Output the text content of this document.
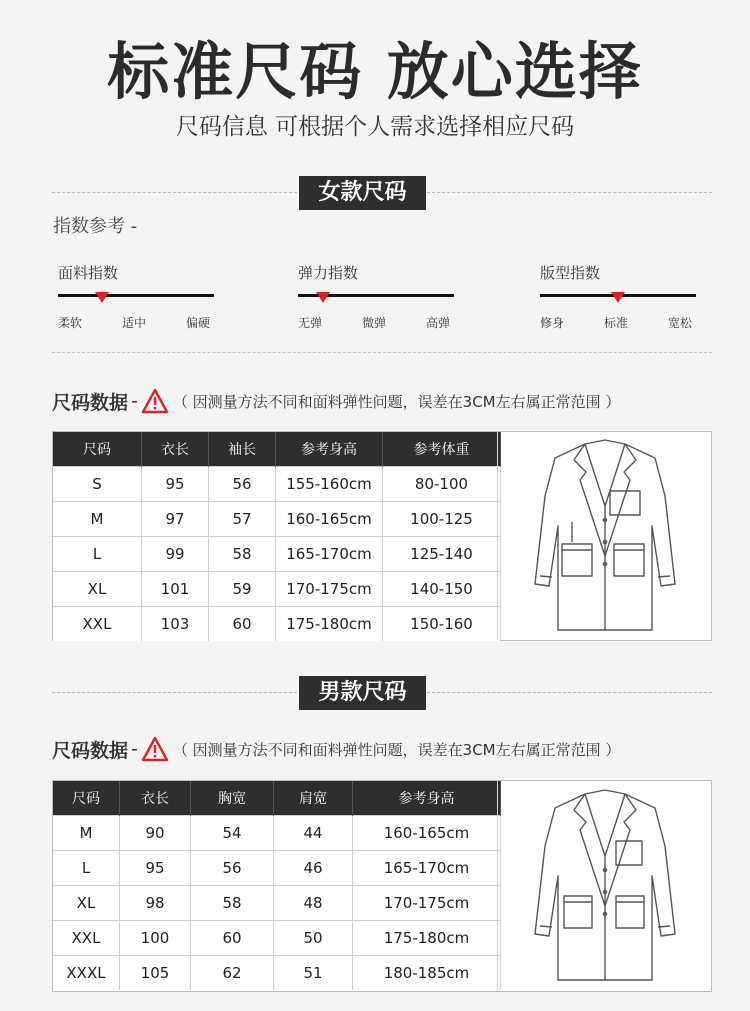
标准尺码 放心选择
尺码信息 可根据个人需求选择相应尺码
女款尺码
指数参考 -
面料指数
柔软	适中	偏硬
弹力指数
无弹	微弹	高弹
版型指数
修身	标准	宽松
尺码数据 - （ 因测量方法不同和面料弹性问题，误差在3CM左右属正常范围 ）
尺码	衣长	袖长	参考身高	参考体重
S	95	56	155-160cm	80-100
M	97	57	160-165cm	100-125
L	99	58	165-170cm	125-140
XL	101	59	170-175cm	140-150
XXL	103	60	175-180cm	150-160
男款尺码
尺码数据 - （ 因测量方法不同和面料弹性问题，误差在3CM左右属正常范围 ）
尺码	衣长	胸宽	肩宽	参考身高
M	90	54	44	160-165cm
L	95	56	46	165-170cm
XL	98	58	48	170-175cm
XXL	100	60	50	175-180cm
XXXL	105	62	51	180-185cm
